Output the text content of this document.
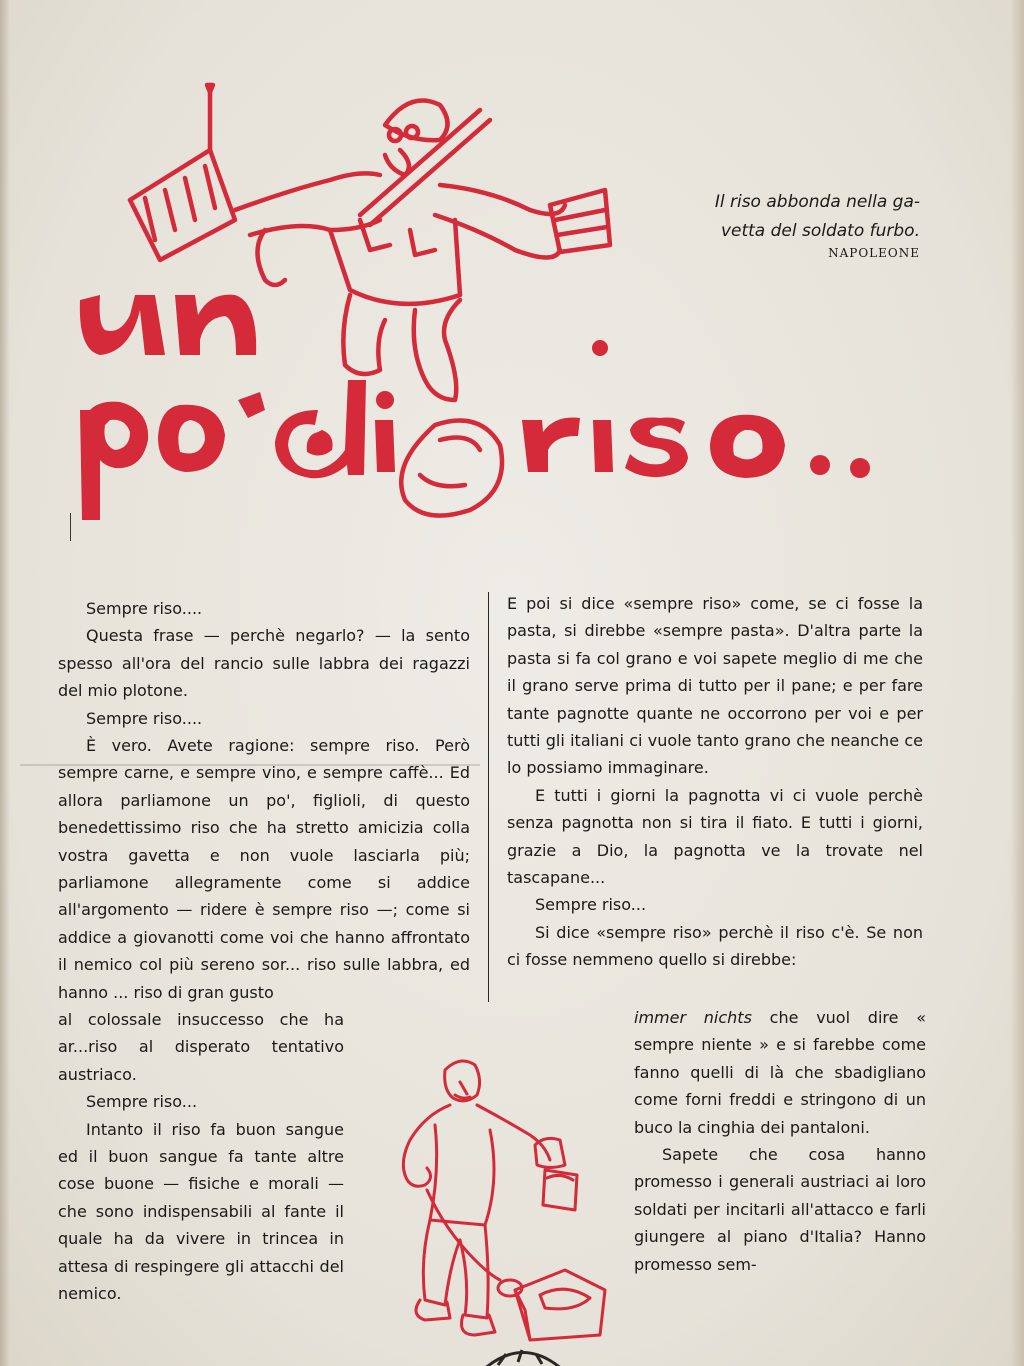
Il riso abbonda nella ga-
vetta del soldato furbo.
NAPOLEONE

Sempre riso....

Questa frase — perchè negarlo? — la sento spesso all'ora del rancio sulle labbra dei ragazzi del mio plotone.

Sempre riso....

È vero. Avete ragione: sempre riso. Però sempre carne, e sempre vino, e sempre caffè... Ed allora parliamone un po', figlioli, di questo benedettissimo riso che ha stretto amicizia colla vostra gavetta e non vuole lasciarla più; parliamone allegramente come si addice all'argomento — ridere è sempre riso —; come si addice a giovanotti come voi che hanno affrontato il nemico col più sereno sor... riso sulle labbra, ed hanno ... riso di gran gusto

al colossale insuccesso che ha ar...riso al disperato tentativo austriaco.

Sempre riso...

Intanto il riso fa buon sangue ed il buon sangue fa tante altre cose buone — fisiche e morali — che sono indispensabili al fante il quale ha da vivere in trincea in attesa di respingere gli attacchi del nemico.

E poi si dice «sempre riso» come, se ci fosse la pasta, si direbbe «sempre pasta». D'altra parte la pasta si fa col grano e voi sapete meglio di me che il grano serve prima di tutto per il pane; e per fare tante pagnotte quante ne occorrono per voi e per tutti gli italiani ci vuole tanto grano che neanche ce lo possiamo immaginare.

E tutti i giorni la pagnotta vi ci vuole perchè senza pagnotta non si tira il fiato. E tutti i giorni, grazie a Dio, la pagnotta ve la trovate nel tascapane...

Sempre riso...

Si dice «sempre riso» perchè il riso c'è. Se non ci fosse nemmeno quello si direbbe:

immer nichts che vuol dire « sempre niente » e si farebbe come fanno quelli di là che sbadigliano come forni freddi e stringono di un buco la cinghia dei pantaloni.

Sapete che cosa hanno promesso i generali austriaci ai loro soldati per incitarli all'attacco e farli giungere al piano d'Italia? Hanno promesso sem-
